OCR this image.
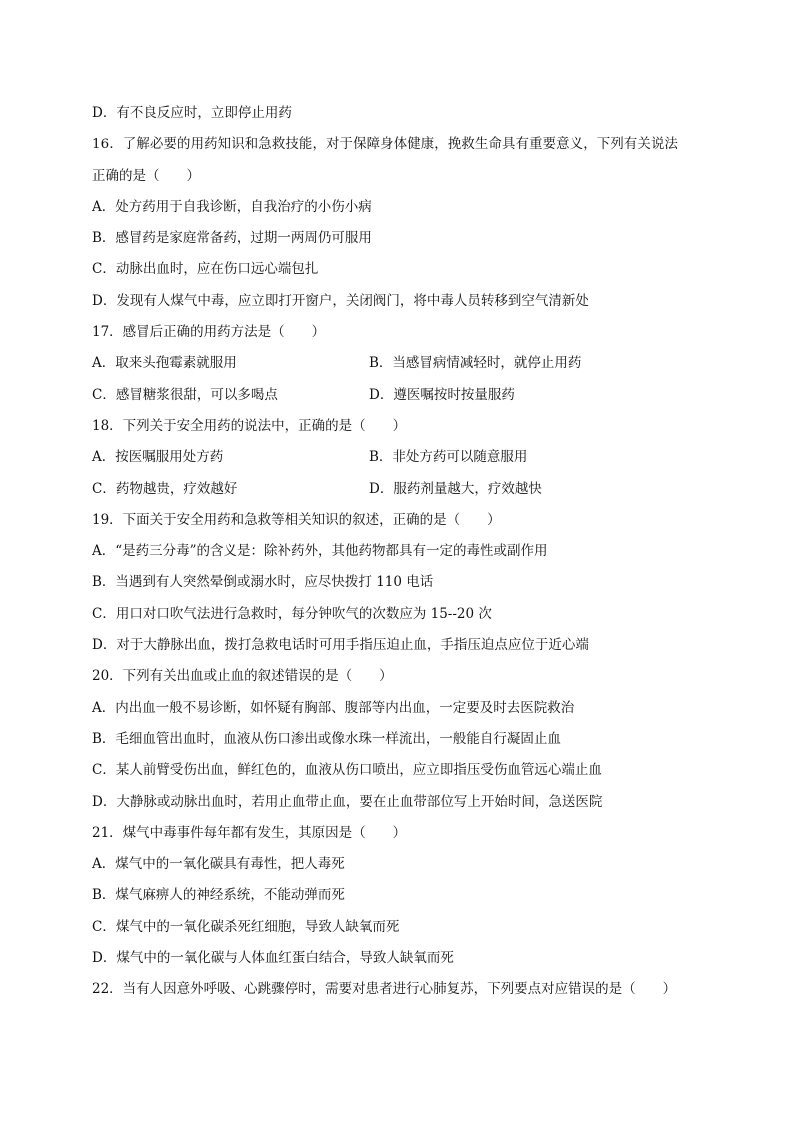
D．有不良反应时，立即停止用药
16．了解必要的用药知识和急救技能，对于保障身体健康，挽救生命具有重要意义，下列有关说法
正确的是（　　）
A．处方药用于自我诊断，自我治疗的小伤小病
B．感冒药是家庭常备药，过期一两周仍可服用
C．动脉出血时，应在伤口远心端包扎
D．发现有人煤气中毒，应立即打开窗户，关闭阀门，将中毒人员转移到空气清新处
17．感冒后正确的用药方法是（　　）
A．取来头孢霉素就服用	B．当感冒病情减轻时，就停止用药
C．感冒糖浆很甜，可以多喝点	D．遵医嘱按时按量服药
18．下列关于安全用药的说法中，正确的是（　　）
A．按医嘱服用处方药	B．非处方药可以随意服用
C．药物越贵，疗效越好	D．服药剂量越大，疗效越快
19．下面关于安全用药和急救等相关知识的叙述，正确的是（　　）
A．“是药三分毒”的含义是：除补药外，其他药物都具有一定的毒性或副作用
B．当遇到有人突然晕倒或溺水时，应尽快拨打 110 电话
C．用口对口吹气法进行急救时，每分钟吹气的次数应为 15--20 次
D．对于大静脉出血，拨打急救电话时可用手指压迫止血，手指压迫点应位于近心端
20．下列有关出血或止血的叙述错误的是（　　）
A．内出血一般不易诊断，如怀疑有胸部、腹部等内出血，一定要及时去医院救治
B．毛细血管出血时，血液从伤口渗出或像水珠一样流出，一般能自行凝固止血
C．某人前臂受伤出血，鲜红色的，血液从伤口喷出，应立即指压受伤血管远心端止血
D．大静脉或动脉出血时，若用止血带止血，要在止血带部位写上开始时间，急送医院
21．煤气中毒事件每年都有发生，其原因是（　　）
A．煤气中的一氧化碳具有毒性，把人毒死
B．煤气麻痹人的神经系统，不能动弹而死
C．煤气中的一氧化碳杀死红细胞，导致人缺氧而死
D．煤气中的一氧化碳与人体血红蛋白结合，导致人缺氧而死
22．当有人因意外呼吸、心跳骤停时，需要对患者进行心肺复苏，下列要点对应错误的是（　　）
